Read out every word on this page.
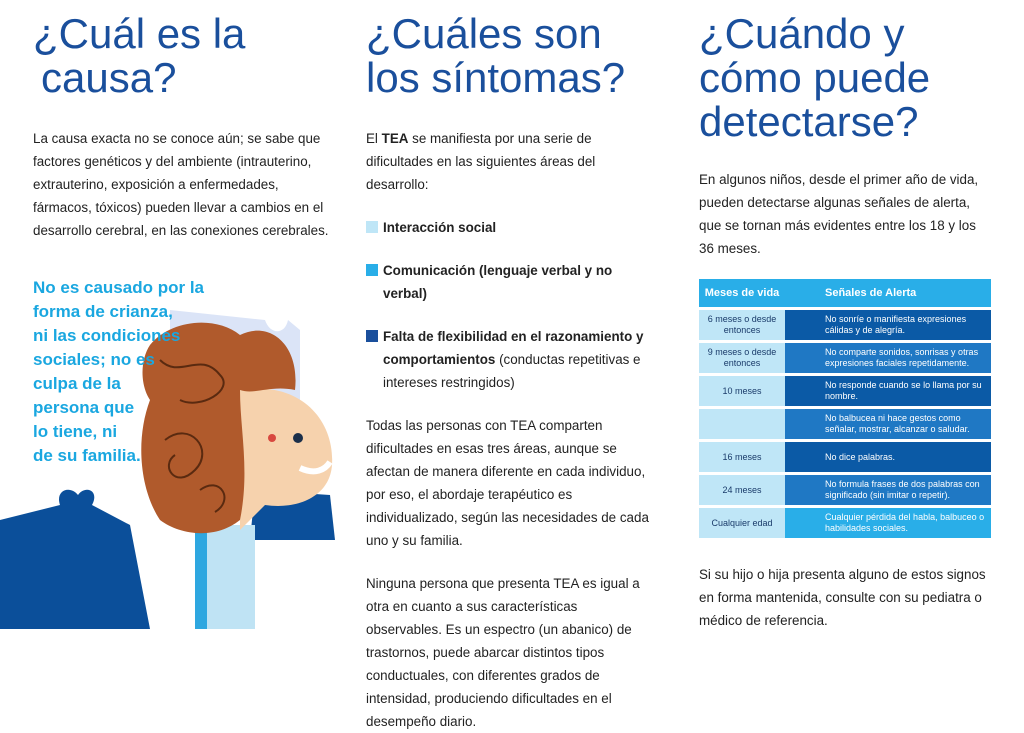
¿Cuál es la
causa?

La causa exacta no se conoce aún; se sabe que factores genéticos y del ambiente (intrauterino, extrauterino, exposición a enfermedades, fármacos, tóxicos) pueden llevar a cambios en el desarrollo cerebral, en las conexiones cerebrales.

No es causado por la
forma de crianza,
ni las condiciones
sociales; no es
culpa de la
persona que
lo tiene, ni
de su familia.
¿Cuáles son
los síntomas?

El TEA se manifiesta por una serie de dificultades en las siguientes áreas del desarrollo:

Interacción social
Comunicación (lenguaje verbal y no verbal)
Falta de flexibilidad en el razonamiento y comportamientos (conductas repetitivas e intereses restringidos)

Todas las personas con TEA comparten dificultades en esas tres áreas, aunque se afectan de manera diferente en cada individuo, por eso, el abordaje terapéutico es individualizado, según las necesidades de cada uno y su familia.

Ninguna persona que presenta TEA es igual a otra en cuanto a sus características observables. Es un espectro (un abanico) de trastornos, puede abarcar distintos tipos conductuales, con diferentes grados de intensidad, produciendo dificultades en el desempeño diario.

¿Cuándo y
cómo puede
detectarse?

En algunos niños, desde el primer año de vida, pueden detectarse algunas señales de alerta, que se tornan más evidentes entre los 18 y los 36 meses.

Meses de vida	Señales de Alerta
6 meses o desde entonces	No sonríe o manifiesta expresiones cálidas y de alegría.
9 meses o desde entonces	No comparte sonidos, sonrisas y otras expresiones faciales repetidamente.
10 meses	No responde cuando se lo llama por su nombre.
	No balbucea ni hace gestos como señalar, mostrar, alcanzar o saludar.
16 meses	No dice palabras.
24 meses	No formula frases de dos palabras con significado (sin imitar o repetir).
Cualquier edad	Cualquier pérdida del habla, balbuceo o habilidades sociales.

Si su hijo o hija presenta alguno de estos signos en forma mantenida, consulte con su pediatra o médico de referencia.
